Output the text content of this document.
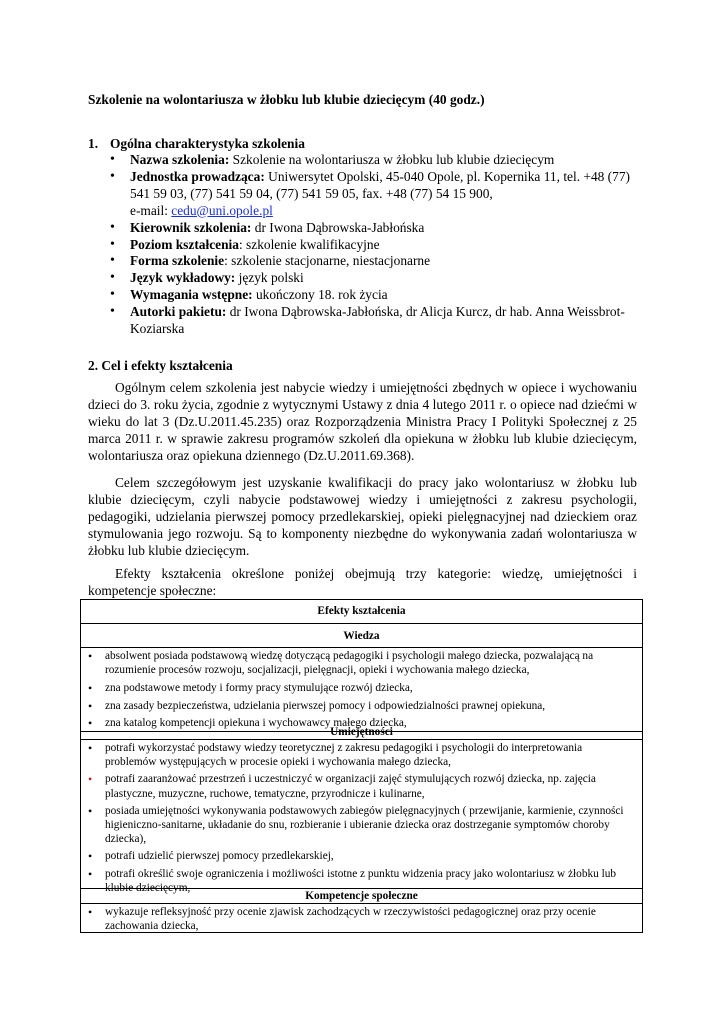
Szkolenie na wolontariusza w żłobku lub klubie dziecięcym (40 godz.)
1. Ogólna charakterystyka szkolenia
• Nazwa szkolenia: Szkolenie na wolontariusza w żłobku lub klubie dziecięcym
• Jednostka prowadząca: Uniwersytet Opolski, 45-040 Opole, pl. Kopernika 11, tel. +48 (77) 541 59 03, (77) 541 59 04, (77) 541 59 05, fax. +48 (77) 54 15 900,
e-mail: cedu@uni.opole.pl
• Kierownik szkolenia: dr Iwona Dąbrowska-Jabłońska
• Poziom kształcenia: szkolenie kwalifikacyjne
• Forma szkolenie: szkolenie stacjonarne, niestacjonarne
• Język wykładowy: język polski
• Wymagania wstępne: ukończony 18. rok życia
• Autorki pakietu: dr Iwona Dąbrowska-Jabłońska, dr Alicja Kurcz, dr hab. Anna Weissbrot-Koziarska
2. Cel i efekty kształcenia

Ogólnym celem szkolenia jest nabycie wiedzy i umiejętności zbędnych w opiece i wychowaniu dzieci do 3. roku życia, zgodnie z wytycznymi Ustawy z dnia 4 lutego 2011 r. o opiece nad dziećmi w wieku do lat 3 (Dz.U.2011.45.235) oraz Rozporządzenia Ministra Pracy I Polityki Społecznej z 25 marca 2011 r. w sprawie zakresu programów szkoleń dla opiekuna w żłobku lub klubie dziecięcym, wolontariusza oraz opiekuna dziennego (Dz.U.2011.69.368).

Celem szczegółowym jest uzyskanie kwalifikacji do pracy jako wolontariusz w żłobku lub klubie dziecięcym, czyli nabycie podstawowej wiedzy i umiejętności z zakresu psychologii, pedagogiki, udzielania pierwszej pomocy przedlekarskiej, opieki pielęgnacyjnej nad dzieckiem oraz stymulowania jego rozwoju. Są to komponenty niezbędne do wykonywania zadań wolontariusza w żłobku lub klubie dziecięcym.

Efekty kształcenia określone poniżej obejmują trzy kategorie: wiedzę, umiejętności i kompetencje społeczne:

Efekty kształcenia
Wiedza
• absolwent posiada podstawową wiedzę dotyczącą pedagogiki i psychologii małego dziecka, pozwalającą na rozumienie procesów rozwoju, socjalizacji, pielęgnacji, opieki i wychowania małego dziecka,
• zna podstawowe metody i formy pracy stymulujące rozwój dziecka,
• zna zasady bezpieczeństwa, udzielania pierwszej pomocy i odpowiedzialności prawnej opiekuna,
• zna katalog kompetencji opiekuna i wychowawcy małego dziecka,
Umiejętności
• potrafi wykorzystać podstawy wiedzy teoretycznej z zakresu pedagogiki i psychologii do interpretowania problemów występujących w procesie opieki i wychowania małego dziecka,
• potrafi zaaranżować przestrzeń i uczestniczyć w organizacji zajęć stymulujących rozwój dziecka, np. zajęcia plastyczne, muzyczne, ruchowe, tematyczne, przyrodnicze i kulinarne,
• posiada umiejętności wykonywania podstawowych zabiegów pielęgnacyjnych ( przewijanie, karmienie, czynności higieniczno-sanitarne, układanie do snu, rozbieranie i ubieranie dziecka oraz dostrzeganie symptomów choroby dziecka),
• potrafi udzielić pierwszej pomocy przedlekarskiej,
• potrafi określić swoje ograniczenia i możliwości istotne z punktu widzenia pracy jako wolontariusz w żłobku lub klubie dziecięcym,
Kompetencje społeczne
• wykazuje refleksyjność przy ocenie zjawisk zachodzących w rzeczywistości pedagogicznej oraz przy ocenie zachowania dziecka,
